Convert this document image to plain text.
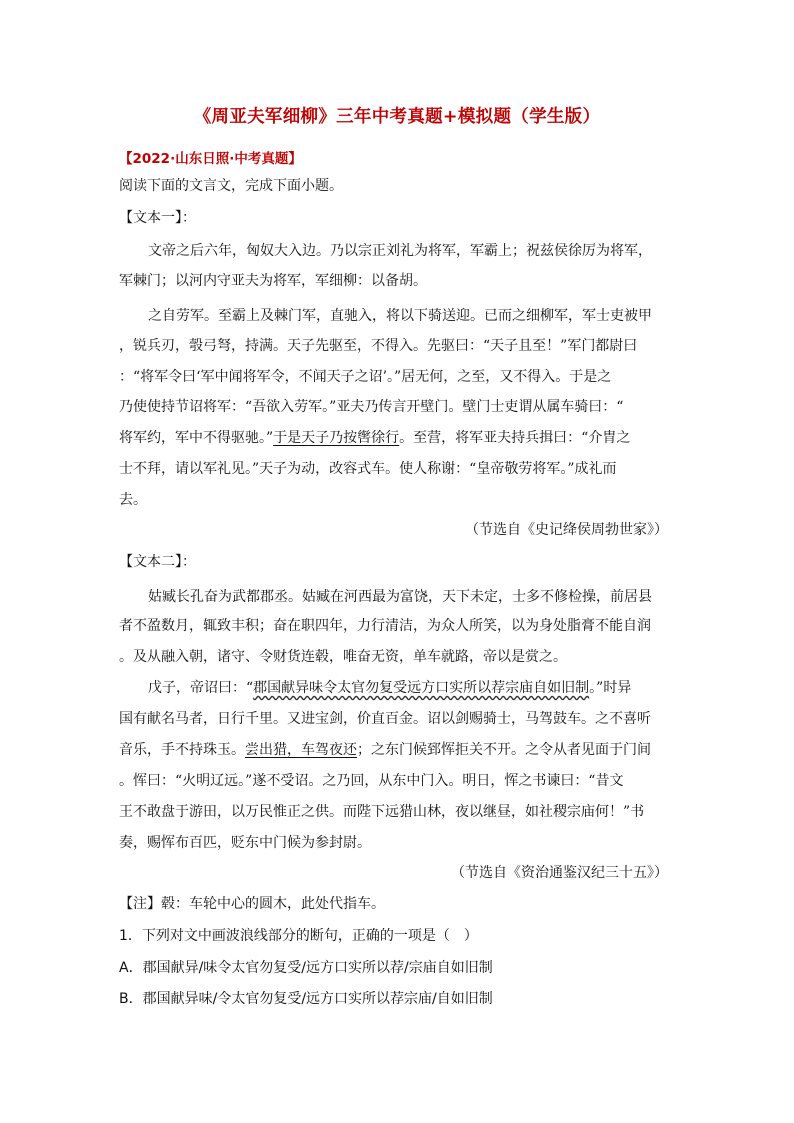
《周亚夫军细柳》三年中考真题+模拟题（学生版）
【2022·山东日照·中考真题】
阅读下面的文言文，完成下面小题。
【文本一】：
文帝之后六年，匈奴大入边。乃以宗正刘礼为将军，军霸上；祝兹侯徐厉为将军，
军棘门；以河内守亚夫为将军，军细柳：以备胡。
之自劳军。至霸上及棘门军，直驰入，将以下骑送迎。已而之细柳军，军士吏被甲
，锐兵刃，彀弓弩，持满。天子先驱至，不得入。先驱曰：“天子且至！”军门都尉曰
：“将军令曰‘军中闻将军令，不闻天子之诏’。”居无何，之至，又不得入。于是之
乃使使持节诏将军：“吾欲入劳军。”亚夫乃传言开壁门。壁门士吏谓从属车骑曰：“
将军约，军中不得驱驰。”于是天子乃按辔徐行。至营，将军亚夫持兵揖曰：“介胄之
士不拜，请以军礼见。”天子为动，改容式车。使人称谢：“皇帝敬劳将军。”成礼而
去。
（节选自《史记绛侯周勃世家》）
【文本二】：
姑臧长孔奋为武都郡丞。姑臧在河西最为富饶，天下未定，士多不修检操，前居县
者不盈数月，辄致丰积；奋在职四年，力行清洁，为众人所笑，以为身处脂膏不能自润
。及从融入朝，诸守、令财货连毂，唯奋无资，单车就路，帝以是赏之。
戊子，帝诏曰：“郡国献异味令太官勿复受远方口实所以荐宗庙自如旧制。”时异
国有献名马者，日行千里。又进宝剑，价直百金。诏以剑赐骑士，马驾鼓车。之不喜听
音乐，手不持珠玉。尝出猎，车驾夜还；之东门候郅恽拒关不开。之令从者见面于门间
。恽曰：“火明辽远。”遂不受诏。之乃回，从东中门入。明日，恽之书谏曰：“昔文
王不敢盘于游田，以万民惟正之供。而陛下远猎山林，夜以继昼，如社稷宗庙何！”书
奏，赐恽布百匹，贬东中门候为参封尉。
（节选自《资治通鉴汉纪三十五》）
【注】毂：车轮中心的圆木，此处代指车。
1．下列对文中画波浪线部分的断句，正确的一项是（　）
A．郡国献异/味令太官勿复受/远方口实所以荐/宗庙自如旧制
B．郡国献异味/令太官勿复受/远方口实所以荐宗庙/自如旧制
